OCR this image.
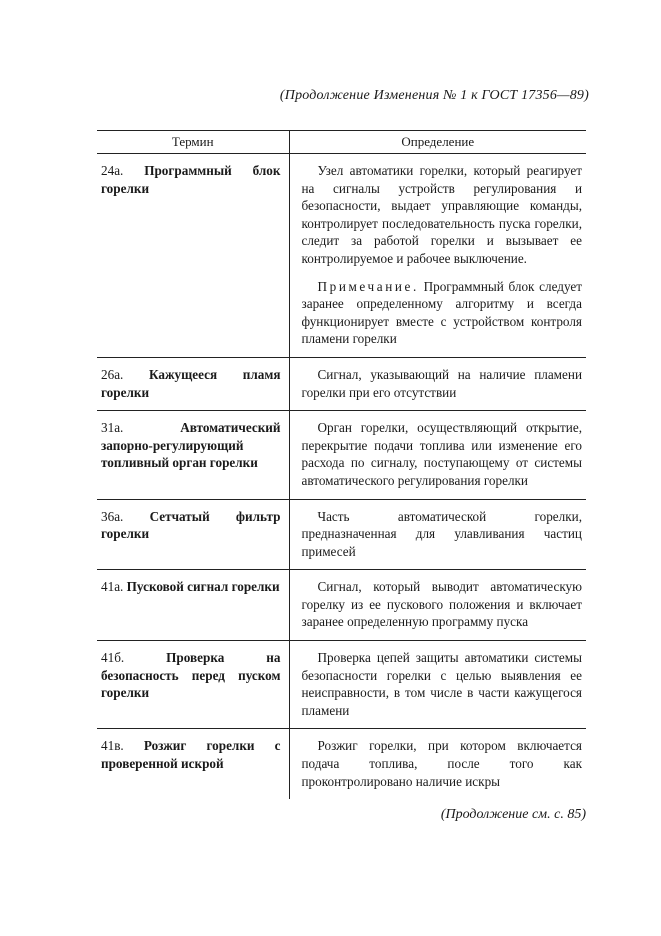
(Продолжение Изменения № 1 к ГОСТ 17356—89)
Термин	Определение
24а. Программный блок горелки	Узел автоматики горелки, который реагирует на сигналы устройств регулирования и безопасности, выдает управляющие команды, контролирует последовательность пуска горелки, следит за работой горелки и вызывает ее контролируемое и рабочее выключение.

Примечание. Программный блок следует заранее определенному алгоритму и всегда функционирует вместе с устройством контроля пламени горелки

26а. Кажущееся пламя горелки	Сигнал, указывающий на наличие пламени горелки при его отсутствии

31а. Автоматический запорно-регулирующий топливный орган горелки	Орган горелки, осуществляющий открытие, перекрытие подачи топлива или изменение его расхода по сигналу, поступающему от системы автоматического регулирования горелки

36а. Сетчатый фильтр горелки	Часть автоматической горелки, предназначенная для улавливания частиц примесей

41а. Пусковой сигнал горелки	Сигнал, который выводит автоматическую горелку из ее пускового положения и включает заранее определенную программу пуска

41б. Проверка на безопасность перед пуском горелки	Проверка цепей защиты автоматики системы безопасности горелки с целью выявления ее неисправности, в том числе в части кажущегося пламени

41в. Розжиг горелки с проверенной искрой	Розжиг горелки, при котором включается подача топлива, после того как проконтролировано наличие искры

(Продолжение см. с. 85)
